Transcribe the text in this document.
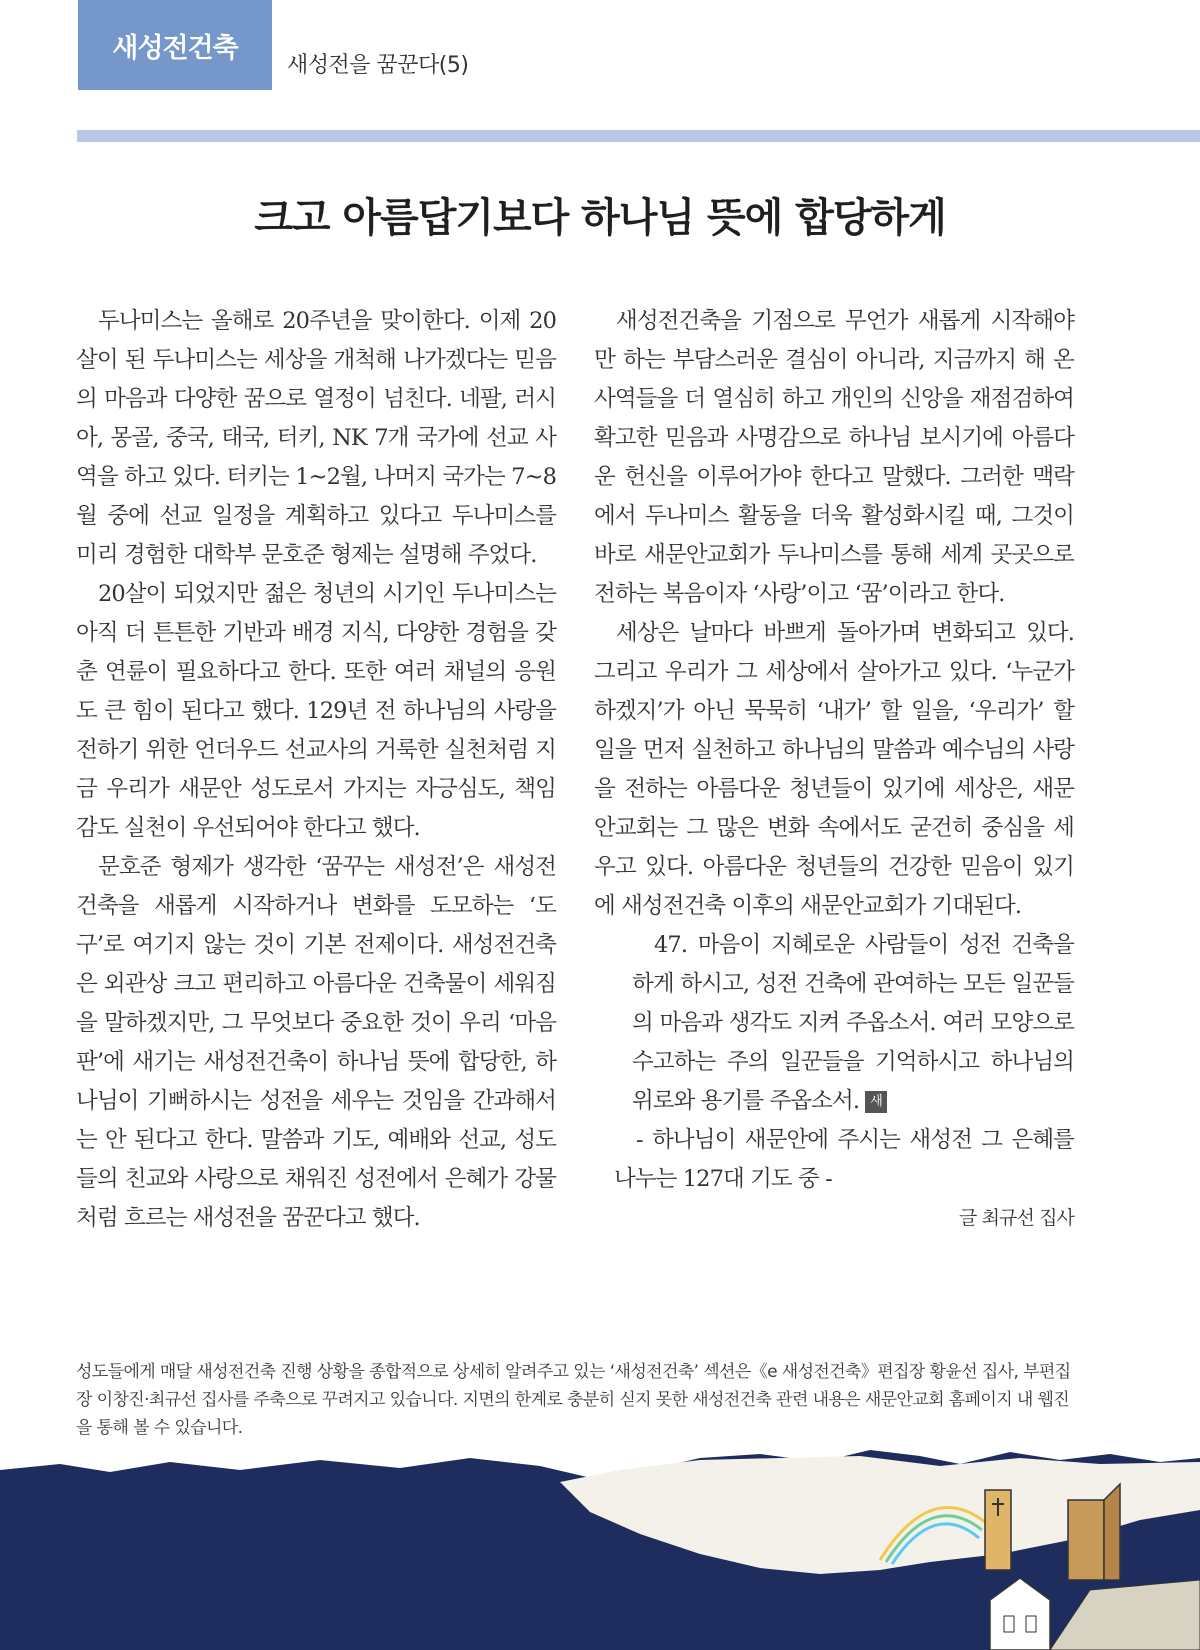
새성전건축
새성전을 꿈꾼다(5)
크고 아름답기보다 하나님 뜻에 합당하게

두나미스는 올해로 20주년을 맞이한다. 이제 20살이 된 두나미스는 세상을 개척해 나가겠다는 믿음의 마음과 다양한 꿈으로 열정이 넘친다. 네팔, 러시아, 몽골, 중국, 태국, 터키, NK 7개 국가에 선교 사역을 하고 있다. 터키는 1~2월, 나머지 국가는 7~8월 중에 선교 일정을 계획하고 있다고 두나미스를 미리 경험한 대학부 문호준 형제는 설명해 주었다.

20살이 되었지만 젊은 청년의 시기인 두나미스는 아직 더 튼튼한 기반과 배경 지식, 다양한 경험을 갖춘 연륜이 필요하다고 한다. 또한 여러 채널의 응원도 큰 힘이 된다고 했다. 129년 전 하나님의 사랑을 전하기 위한 언더우드 선교사의 거룩한 실천처럼 지금 우리가 새문안 성도로서 가지는 자긍심도, 책임감도 실천이 우선되어야 한다고 했다.

문호준 형제가 생각한 ‘꿈꾸는 새성전’은 새성전건축을 새롭게 시작하거나 변화를 도모하는 ‘도구’로 여기지 않는 것이 기본 전제이다. 새성전건축은 외관상 크고 편리하고 아름다운 건축물이 세워짐을 말하겠지만, 그 무엇보다 중요한 것이 우리 ‘마음판’에 새기는 새성전건축이 하나님 뜻에 합당한, 하나님이 기뻐하시는 성전을 세우는 것임을 간과해서는 안 된다고 한다. 말씀과 기도, 예배와 선교, 성도들의 친교와 사랑으로 채워진 성전에서 은혜가 강물처럼 흐르는 새성전을 꿈꾼다고 했다.

새성전건축을 기점으로 무언가 새롭게 시작해야만 하는 부담스러운 결심이 아니라, 지금까지 해 온 사역들을 더 열심히 하고 개인의 신앙을 재점검하여 확고한 믿음과 사명감으로 하나님 보시기에 아름다운 헌신을 이루어가야 한다고 말했다. 그러한 맥락에서 두나미스 활동을 더욱 활성화시킬 때, 그것이 바로 새문안교회가 두나미스를 통해 세계 곳곳으로 전하는 복음이자 ‘사랑’이고 ‘꿈’이라고 한다.

세상은 날마다 바쁘게 돌아가며 변화되고 있다. 그리고 우리가 그 세상에서 살아가고 있다. ‘누군가 하겠지’가 아닌 묵묵히 ‘내가’ 할 일을, ‘우리가’ 할 일을 먼저 실천하고 하나님의 말씀과 예수님의 사랑을 전하는 아름다운 청년들이 있기에 세상은, 새문안교회는 그 많은 변화 속에서도 굳건히 중심을 세우고 있다. 아름다운 청년들의 건강한 믿음이 있기에 새성전건축 이후의 새문안교회가 기대된다.

47. 마음이 지혜로운 사람들이 성전 건축을 하게 하시고, 성전 건축에 관여하는 모든 일꾼들의 마음과 생각도 지켜 주옵소서. 여러 모양으로 수고하는 주의 일꾼들을 기억하시고 하나님의 위로와 용기를 주옵소서. 새

- 하나님이 새문안에 주시는 새성전 그 은혜를 나누는 127대 기도 중 -

글 최규선 집사

성도들에게 매달 새성전건축 진행 상황을 종합적으로 상세히 알려주고 있는 ‘새성전건축’ 섹션은《e 새성전건축》편집장 황윤선 집사, 부편집장 이창진·최규선 집사를 주축으로 꾸려지고 있습니다. 지면의 한계로 충분히 싣지 못한 새성전건축 관련 내용은 새문안교회 홈페이지 내 웹진을 통해 볼 수 있습니다.
